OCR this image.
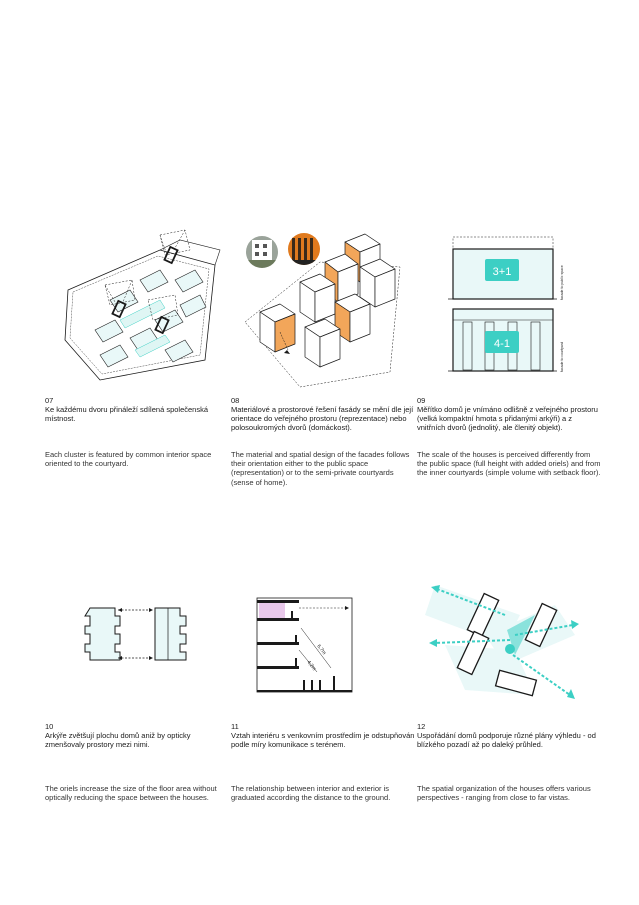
07

Ke každému dvoru přináleží sdílená společenská místnost.

Each cluster is featured by common interior space oriented to the courtyard.

08

Materiálové a prostorové řešení fasády se mění dle její orientace do veřejného prostoru (reprezentace) nebo polosoukromých dvorů (domáckost).

The material and spatial design of the facades follows their orientation either to the public space (representation) or to the semi-private courtyards (sense of home).

3+1	facade to public space
4-1	facade to courtyard

09

Měřítko domů je vnímáno odlišně z veřejného prostoru (velká kompaktní hmota s přidanými arkýři) a z vnitřních dvorů (jednolitý, ale členitý objekt).

The scale of the houses is perceived differently from the public space (full height with added oriels) and from the inner courtyards (simple volume with setback floor).

10

Arkýře zvětšují plochu domů aniž by opticky zmenšovaly prostory mezi nimi.

The oriels increase the size of the floor area without optically reducing the space between the houses.

6,7m
4,2m

11

Vztah interiéru s venkovním prostředím je odstupňován podle míry komunikace s terénem.

The relationship between interior and exterior is graduated according the distance to the ground.

12

Uspořádání domů podporuje různé plány výhledu - od blízkého pozadí až po daleký průhled.

The spatial organization of the houses offers various perspectives - ranging from close to far vistas.
